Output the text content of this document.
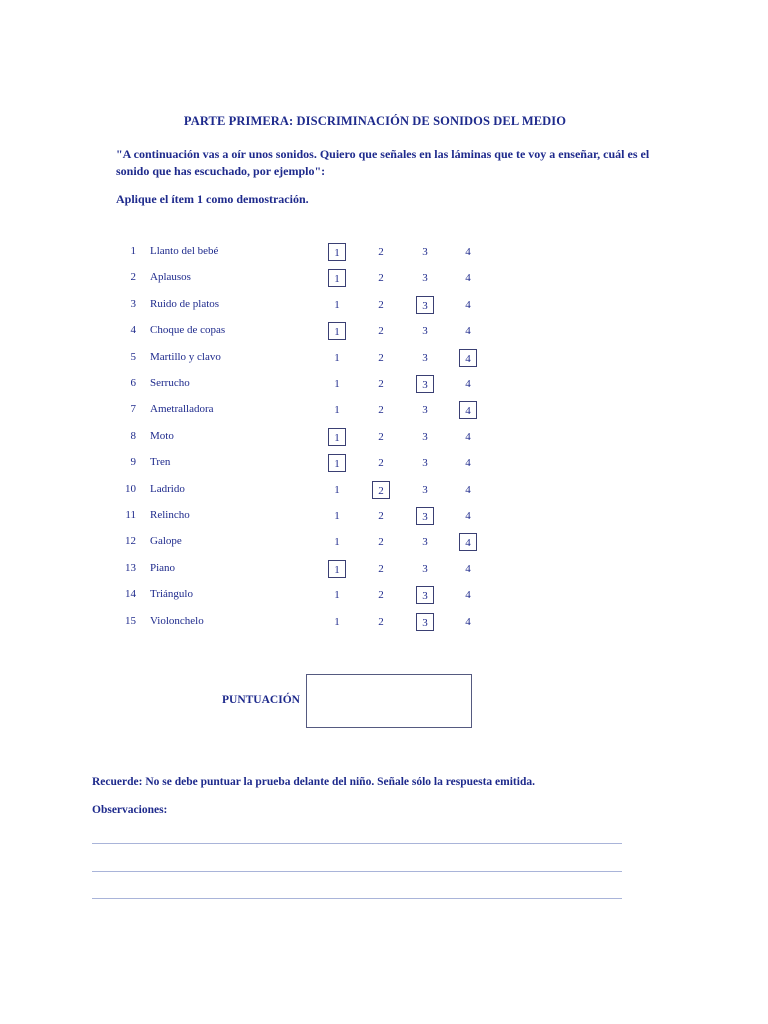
PARTE PRIMERA: DISCRIMINACIÓN DE SONIDOS DEL MEDIO
"A continuación vas a oír unos sonidos. Quiero que señales en las láminas que te voy a enseñar, cuál es el sonido que has escuchado, por ejemplo":
Aplique el ítem 1 como demostración.
1 Llanto del bebé	1	2	3	4
2 Aplausos	1	2	3	4
3 Ruido de platos	1	2	3	4
4 Choque de copas	1	2	3	4
5 Martillo y clavo	1	2	3	4
6 Serrucho	1	2	3	4
7 Ametralladora	1	2	3	4
8 Moto	1	2	3	4
9 Tren	1	2	3	4
10 Ladrido	1	2	3	4
11 Relincho	1	2	3	4
12 Galope	1	2	3	4
13 Piano	1	2	3	4
14 Triángulo	1	2	3	4
15 Violonchelo	1	2	3	4
PUNTUACIÓN
Recuerde: No se debe puntuar la prueba delante del niño. Señale sólo la respuesta emitida.
Observaciones:
